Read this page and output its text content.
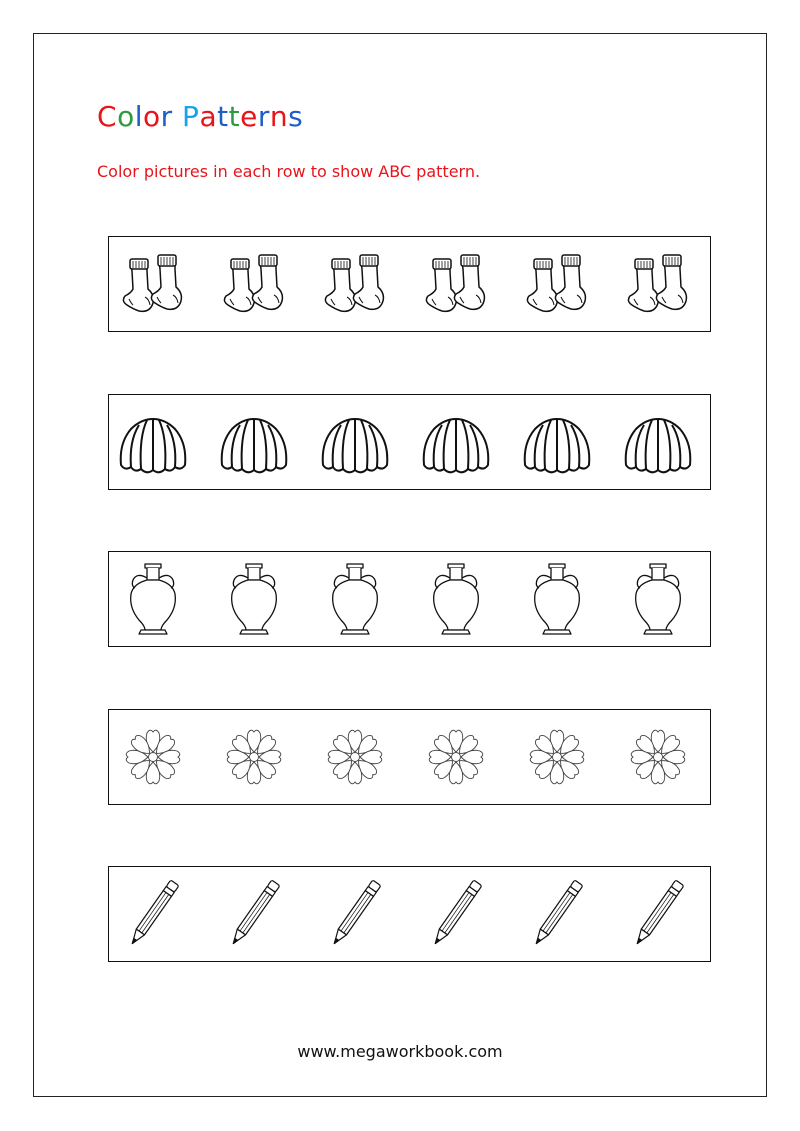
Color Patterns
Color pictures in each row to show ABC pattern.
www.megaworkbook.com
